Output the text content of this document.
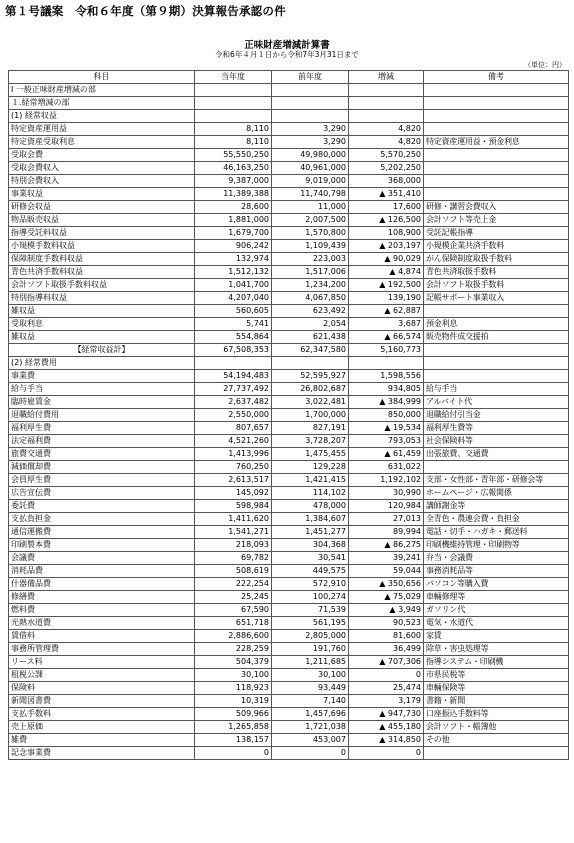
第１号議案　令和６年度（第９期）決算報告承認の件
正味財産増減計算書
令和6年４月１日から令和7年3月31日まで
（単位：円）
科目	当年度	前年度	増減	備考
Ⅰ 一般正味財産増減の部				
１.経常増減の部				
(1) 経常収益				
特定資産運用益	8,110	3,290	4,820	
特定資産受取利息	8,110	3,290	4,820	特定資産運用益・預金利息
受取会費	55,550,250	49,980,000	5,570,250	
受取会費収入	46,163,250	40,961,000	5,202,250	
特別会費収入	9,387,000	9,019,000	368,000	
事業収益	11,389,388	11,740,798	▲ 351,410	
研修会収益	28,600	11,000	17,600	研修・講習会費収入
物品販売収益	1,881,000	2,007,500	▲ 126,500	会計ソフト等売上金
指導受託料収益	1,679,700	1,570,800	108,900	受託記帳指導
小規模手数料収益	906,242	1,109,439	▲ 203,197	小規模企業共済手数料
保障制度手数料収益	132,974	223,003	▲ 90,029	がん保険制度取扱手数料
青色共済手数料収益	1,512,132	1,517,006	▲ 4,874	青色共済取扱手数料
会計ソフト取扱手数料収益	1,041,700	1,234,200	▲ 192,500	会計ソフト取扱手数料
特別指導料収益	4,207,040	4,067,850	139,190	記帳サポート事業収入
雑収益	560,605	623,492	▲ 62,887	
受取利息	5,741	2,054	3,687	預金利息
雑収益	554,864	621,438	▲ 66,574	販売物件成交援拍
【経常収益計】	67,508,353	62,347,580	5,160,773	
(2) 経常費用				
事業費	54,194,483	52,595,927	1,598,556	
給与手当	27,737,492	26,802,687	934,805	給与手当
臨時雇賃金	2,637,482	3,022,481	▲ 384,999	アルバイト代
退職給付費用	2,550,000	1,700,000	850,000	退職給付引当金
福利厚生費	807,657	827,191	▲ 19,534	福利厚生費等
法定福利費	4,521,260	3,728,207	793,053	社会保険料等
旅費交通費	1,413,996	1,475,455	▲ 61,459	出張旅費、交通費
減価償却費	760,250	129,228	631,022	
会員厚生費	2,613,517	1,421,415	1,192,102	支部・女性部・青年部・研修会等
広告宣伝費	145,092	114,102	30,990	ホームページ・広報関係
委託費	598,984	478,000	120,984	講師謝金等
支払負担金	1,411,620	1,384,607	27,013	全青色・農連会費・負担金
通信運搬費	1,541,271	1,451,277	89,994	電話・切手・ハガキ・郵送料
印刷製本費	218,093	304,368	▲ 86,275	印刷機維持管理・印刷物等
会議費	69,782	30,541	39,241	弁当・会議費
消耗品費	508,619	449,575	59,044	事務消耗品等
什器備品費	222,254	572,910	▲ 350,656	パソコン等購入費
修繕費	25,245	100,274	▲ 75,029	車輛修理等
燃料費	67,590	71,539	▲ 3,949	ガソリン代
光熱水道費	651,718	561,195	90,523	電気・水道代
賃借料	2,886,600	2,805,000	81,600	家賃
事務所管理費	228,259	191,760	36,499	除草・害虫処理等
リース料	504,379	1,211,685	▲ 707,306	指導システム・印刷機
租税公課	30,100	30,100	0	市県民税等
保険料	118,923	93,449	25,474	車輛保険等
新聞図書費	10,319	7,140	3,179	書籍・新聞
支払手数料	509,966	1,457,696	▲ 947,730	口座振込手数料等
売上原価	1,265,858	1,721,038	▲ 455,180	会計ソフト・帳簿他
雑費	138,157	453,007	▲ 314,850	その他
記念事業費	0	0	0	
